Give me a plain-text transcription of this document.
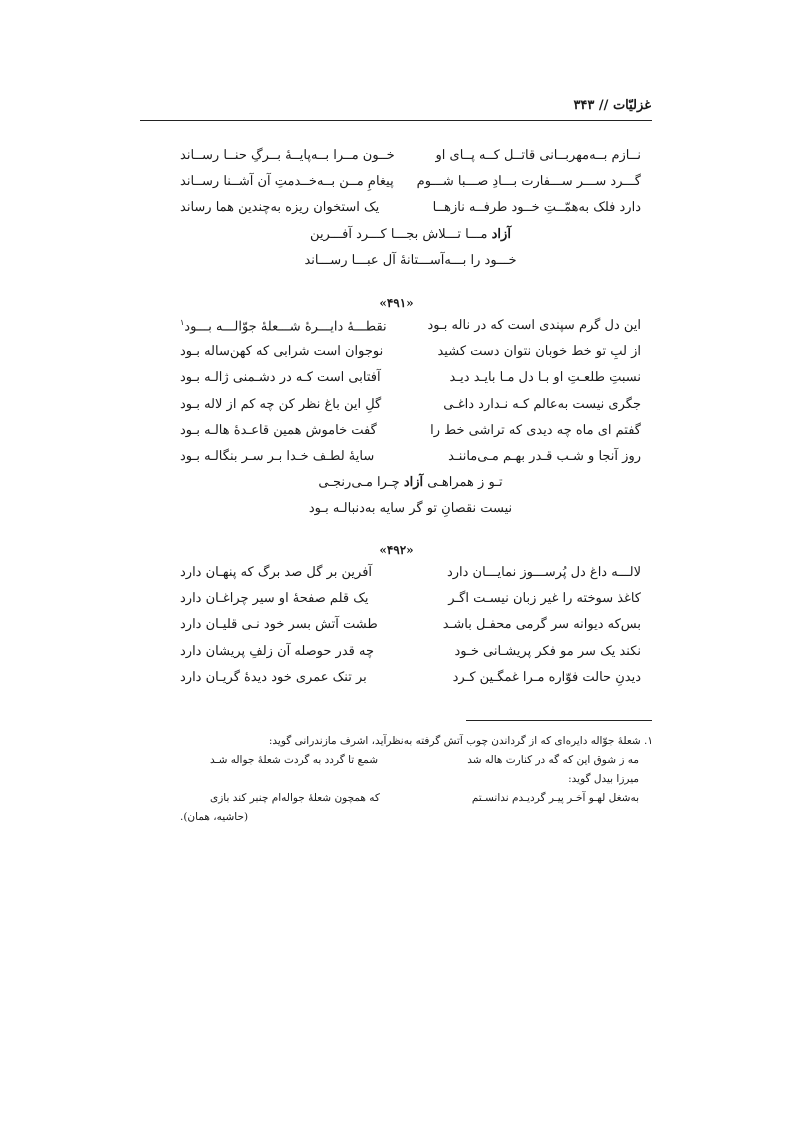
غزلیّات // ۳۴۳
نــازم بــه‌مهربــانی قاتــل کــه پــای او
خــون مــرا بــه‌پایــهٔ بــرگِ حنــا رســاند
گـــرد ســـر ســـفارت بـــادِ صـــبا شـــوم
پیغامِ مــن بــه‌خــدمتِ آن آشــنا رســاند
دارد فلک به‌همّــتِ خــود طرفــه نازهــا
یک استخوان ریزه به‌چندین هما رساند
آزاد مـــا تـــلاش بجـــا کـــرد آفـــرین
خـــود را بـــه‌آســـتانهٔ آل عبـــا رســـاند
«۴۹۱»
این دل گرم سپندی است که در ناله بـود
نقطـــهٔ دایـــرهٔ شـــعلهٔ جوّالـــه بـــود$^۱$
از لبِ تو خط خوبان نتوان دست کشید
نوجوان است شرابی که کهن‌ساله بـود
نسبتِ طلعـتِ او بـا دل مـا بایـد دیـد
آفتابی است کـه در دشـمنی ژالـه بـود
جگری نیست به‌عالم کـه نـدارد داغـی
گلِ این باغ نظر کن چه کم از لاله بـود
گفتم ای ماه چه دیدی که تراشی خط را
گفت خاموش همین قاعـدهٔ هالـه بـود
روز آنجا و شـب قـدر بهـم مـی‌ماننـد
سایهٔ لطـف خـدا بـر سـر بنگالـه بـود
تـو ز همراهـی آزاد چـرا مـی‌رنجـی
نیست نقصانِ تو گر سایه به‌دنبالـه بـود
«۴۹۲»
لالـــه داغ دل پُرســـوز نمایـــان دارد
آفرین بر گل صد برگ که پنهـان دارد
کاغذ سوخته را غیر زبان نیسـت اگـر
یک قلم صفحهٔ او سیر چراغـان دارد
بس‌که دیوانه سر گرمی محفـل باشـد
طشت آتش بسر خود نـی قلیـان دارد
نکند یک سر مو فکر پریشـانی خـود
چه قدر حوصله آن زلفِ پریشان دارد
دیدنِ حالت فوّاره مـرا غمگـین کـرد
بر تنک عمری خود دیدهٔ گریـان دارد
۱. شعلهٔ جوّاله دایره‌ای که از گرداندن چوب آتش گرفته به‌نظرآید، اشرف مازندرانی گوید:
مه ز شوق این که گه در کنارت هاله شد
شمع تا گردد به گردت شعلهٔ جواله شـد
میرزا بیدل گوید:
به‌شغل لهـو آخـر پیـر گردیـدم ندانسـتم
که همچون شعلهٔ جواله‌ام چنبر کند بازی
(حاشیه، همان).
